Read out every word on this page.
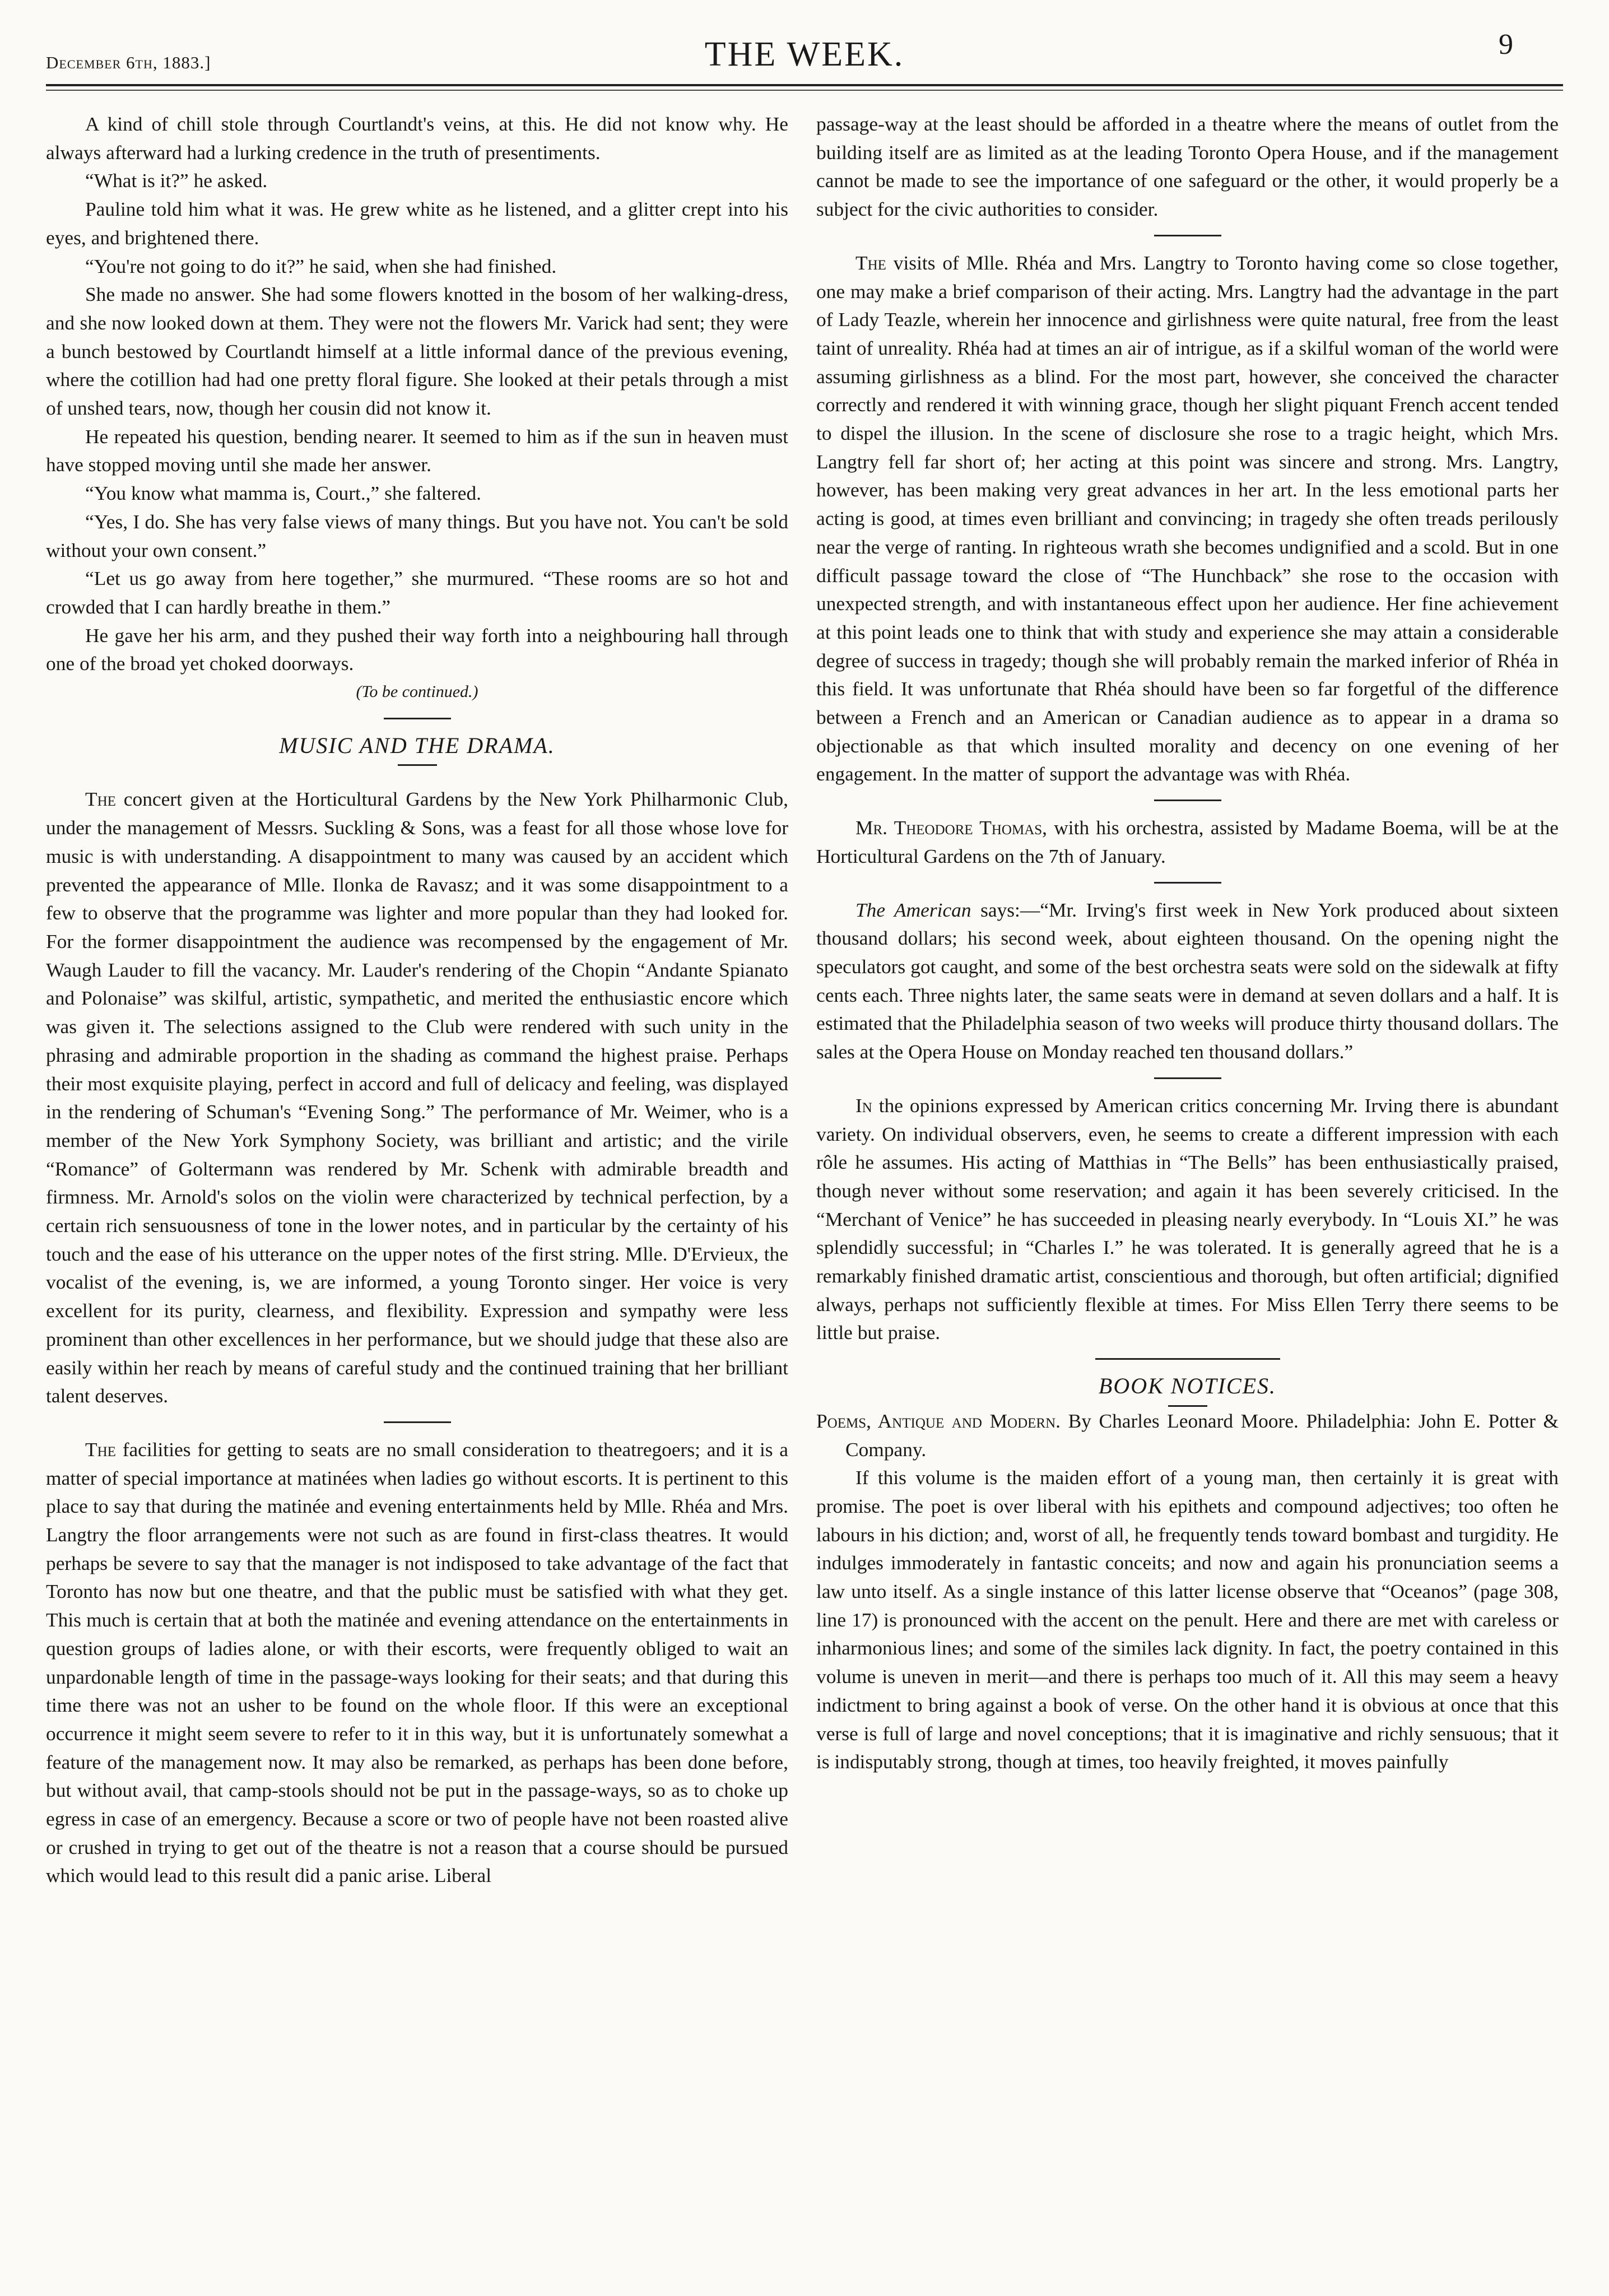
December 6th, 1883.]	THE WEEK.	9

A kind of chill stole through Courtlandt's veins, at this. He did not know why. He always afterward had a lurking credence in the truth of presentiments.

“What is it?” he asked.

Pauline told him what it was. He grew white as he listened, and a glitter crept into his eyes, and brightened there.

“You're not going to do it?” he said, when she had finished.

She made no answer. She had some flowers knotted in the bosom of her walking-dress, and she now looked down at them. They were not the flowers Mr. Varick had sent; they were a bunch bestowed by Courtlandt himself at a little informal dance of the previous evening, where the cotillion had had one pretty floral figure. She looked at their petals through a mist of unshed tears, now, though her cousin did not know it.

He repeated his question, bending nearer. It seemed to him as if the sun in heaven must have stopped moving until she made her answer.

“You know what mamma is, Court.,” she faltered.

“Yes, I do. She has very false views of many things. But you have not. You can't be sold without your own consent.”

“Let us go away from here together,” she murmured. “These rooms are so hot and crowded that I can hardly breathe in them.”

He gave her his arm, and they pushed their way forth into a neighbouring hall through one of the broad yet choked doorways.

(To be continued.)

MUSIC AND THE DRAMA.

The concert given at the Horticultural Gardens by the New York Philharmonic Club, under the management of Messrs. Suckling & Sons, was a feast for all those whose love for music is with understanding. A disappointment to many was caused by an accident which prevented the appearance of Mlle. Ilonka de Ravasz; and it was some disappointment to a few to observe that the programme was lighter and more popular than they had looked for. For the former disappointment the audience was recompensed by the engagement of Mr. Waugh Lauder to fill the vacancy. Mr. Lauder's rendering of the Chopin “Andante Spianato and Polonaise” was skilful, artistic, sympathetic, and merited the enthusiastic encore which was given it. The selections assigned to the Club were rendered with such unity in the phrasing and admirable proportion in the shading as command the highest praise. Perhaps their most exquisite playing, perfect in accord and full of delicacy and feeling, was displayed in the rendering of Schuman's “Evening Song.” The performance of Mr. Weimer, who is a member of the New York Symphony Society, was brilliant and artistic; and the virile “Romance” of Goltermann was rendered by Mr. Schenk with admirable breadth and firmness. Mr. Arnold's solos on the violin were characterized by technical perfection, by a certain rich sensuousness of tone in the lower notes, and in particular by the certainty of his touch and the ease of his utterance on the upper notes of the first string. Mlle. D'Ervieux, the vocalist of the evening, is, we are informed, a young Toronto singer. Her voice is very excellent for its purity, clearness, and flexibility. Expression and sympathy were less prominent than other excellences in her performance, but we should judge that these also are easily within her reach by means of careful study and the continued training that her brilliant talent deserves.

The facilities for getting to seats are no small consideration to theatregoers; and it is a matter of special importance at matinées when ladies go without escorts. It is pertinent to this place to say that during the matinée and evening entertainments held by Mlle. Rhéa and Mrs. Langtry the floor arrangements were not such as are found in first-class theatres. It would perhaps be severe to say that the manager is not indisposed to take advantage of the fact that Toronto has now but one theatre, and that the public must be satisfied with what they get. This much is certain that at both the matinée and evening attendance on the entertainments in question groups of ladies alone, or with their escorts, were frequently obliged to wait an unpardonable length of time in the passage-ways looking for their seats; and that during this time there was not an usher to be found on the whole floor. If this were an exceptional occurrence it might seem severe to refer to it in this way, but it is unfortunately somewhat a feature of the management now. It may also be remarked, as perhaps has been done before, but without avail, that camp-stools should not be put in the passage-ways, so as to choke up egress in case of an emergency. Because a score or two of people have not been roasted alive or crushed in trying to get out of the theatre is not a reason that a course should be pursued which would lead to this result did a panic arise. Liberal

passage-way at the least should be afforded in a theatre where the means of outlet from the building itself are as limited as at the leading Toronto Opera House, and if the management cannot be made to see the importance of one safeguard or the other, it would properly be a subject for the civic authorities to consider.

The visits of Mlle. Rhéa and Mrs. Langtry to Toronto having come so close together, one may make a brief comparison of their acting. Mrs. Langtry had the advantage in the part of Lady Teazle, wherein her innocence and girlishness were quite natural, free from the least taint of unreality. Rhéa had at times an air of intrigue, as if a skilful woman of the world were assuming girlishness as a blind. For the most part, however, she conceived the character correctly and rendered it with winning grace, though her slight piquant French accent tended to dispel the illusion. In the scene of disclosure she rose to a tragic height, which Mrs. Langtry fell far short of; her acting at this point was sincere and strong. Mrs. Langtry, however, has been making very great advances in her art. In the less emotional parts her acting is good, at times even brilliant and convincing; in tragedy she often treads perilously near the verge of ranting. In righteous wrath she becomes undignified and a scold. But in one difficult passage toward the close of “The Hunchback” she rose to the occasion with unexpected strength, and with instantaneous effect upon her audience. Her fine achievement at this point leads one to think that with study and experience she may attain a considerable degree of success in tragedy; though she will probably remain the marked inferior of Rhéa in this field. It was unfortunate that Rhéa should have been so far forgetful of the difference between a French and an American or Canadian audience as to appear in a drama so objectionable as that which insulted morality and decency on one evening of her engagement. In the matter of support the advantage was with Rhéa.

Mr. Theodore Thomas, with his orchestra, assisted by Madame Boema, will be at the Horticultural Gardens on the 7th of January.

The American says:—“Mr. Irving's first week in New York produced about sixteen thousand dollars; his second week, about eighteen thousand. On the opening night the speculators got caught, and some of the best orchestra seats were sold on the sidewalk at fifty cents each. Three nights later, the same seats were in demand at seven dollars and a half. It is estimated that the Philadelphia season of two weeks will produce thirty thousand dollars. The sales at the Opera House on Monday reached ten thousand dollars.”

In the opinions expressed by American critics concerning Mr. Irving there is abundant variety. On individual observers, even, he seems to create a different impression with each rôle he assumes. His acting of Matthias in “The Bells” has been enthusiastically praised, though never without some reservation; and again it has been severely criticised. In the “Merchant of Venice” he has succeeded in pleasing nearly everybody. In “Louis XI.” he was splendidly successful; in “Charles I.” he was tolerated. It is generally agreed that he is a remarkably finished dramatic artist, conscientious and thorough, but often artificial; dignified always, perhaps not sufficiently flexible at times. For Miss Ellen Terry there seems to be little but praise.

BOOK NOTICES.

Poems, Antique and Modern. By Charles Leonard Moore. Philadelphia: John E. Potter & Company.

If this volume is the maiden effort of a young man, then certainly it is great with promise. The poet is over liberal with his epithets and compound adjectives; too often he labours in his diction; and, worst of all, he frequently tends toward bombast and turgidity. He indulges immoderately in fantastic conceits; and now and again his pronunciation seems a law unto itself. As a single instance of this latter license observe that “Oceanos” (page 308, line 17) is pronounced with the accent on the penult. Here and there are met with careless or inharmonious lines; and some of the similes lack dignity. In fact, the poetry contained in this volume is uneven in merit—and there is perhaps too much of it. All this may seem a heavy indictment to bring against a book of verse. On the other hand it is obvious at once that this verse is full of large and novel conceptions; that it is imaginative and richly sensuous; that it is indisputably strong, though at times, too heavily freighted, it moves painfully
